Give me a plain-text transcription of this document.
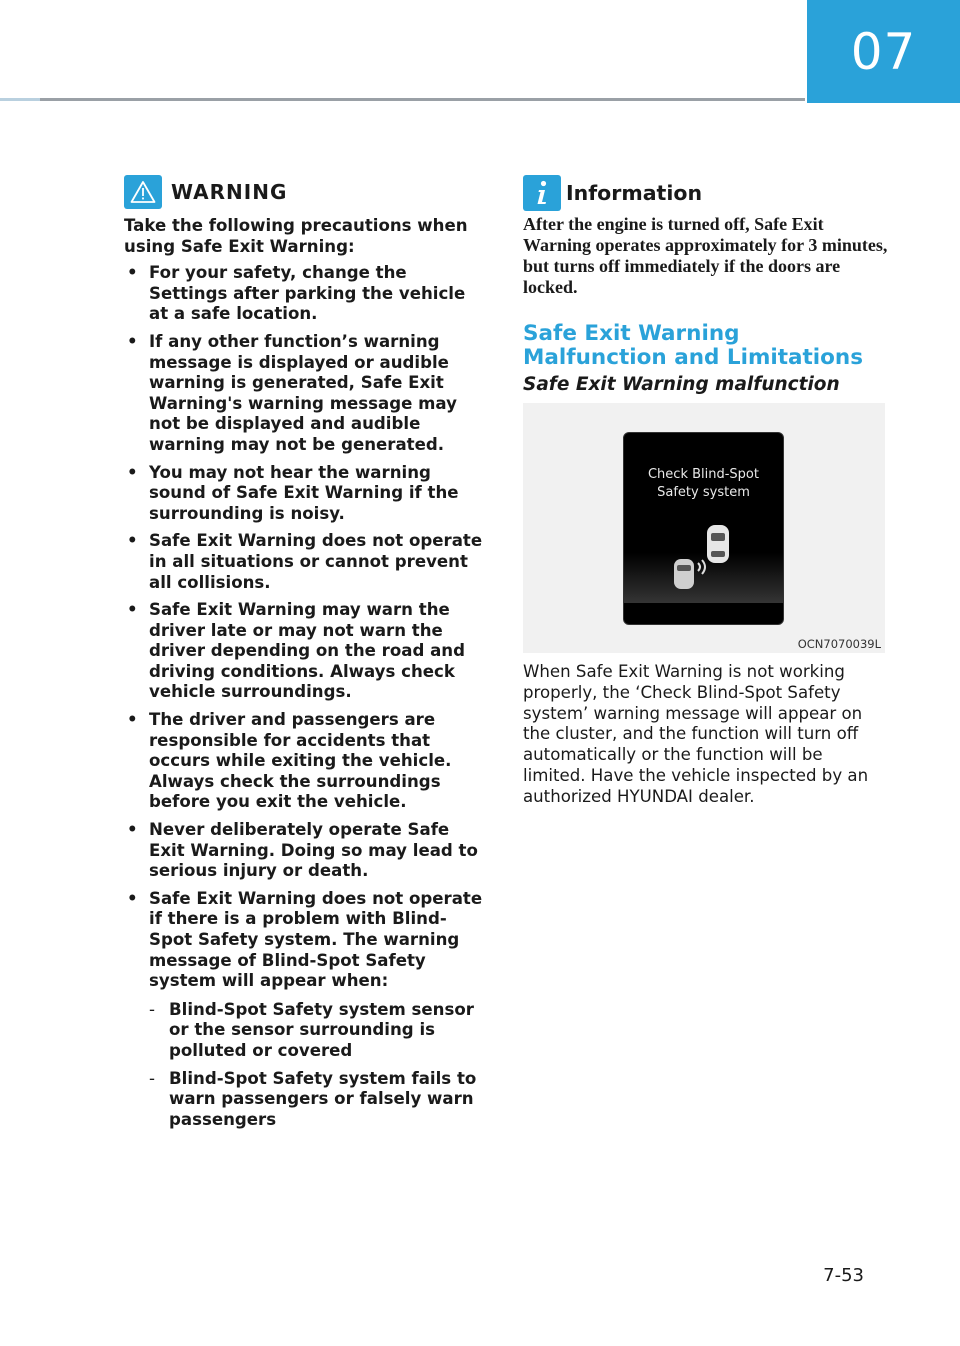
07
WARNING

Take the following precautions when using Safe Exit Warning:

• For your safety, change the Settings after parking the vehicle at a safe location.
• If any other function’s warning message is displayed or audible warning is generated, Safe Exit Warning's warning message may not be displayed and audible warning may not be generated.
• You may not hear the warning sound of Safe Exit Warning if the surrounding is noisy.
• Safe Exit Warning does not operate in all situations or cannot prevent all collisions.
• Safe Exit Warning may warn the driver late or may not warn the driver depending on the road and driving conditions. Always check vehicle surroundings.
• The driver and passengers are responsible for accidents that occurs while exiting the vehicle. Always check the surroundings before you exit the vehicle.
• Never deliberately operate Safe Exit Warning. Doing so may lead to serious injury or death.
• Safe Exit Warning does not operate if there is a problem with Blind-Spot Safety system. The warning message of Blind-Spot Safety system will appear when:
- Blind-Spot Safety system sensor or the sensor surrounding is polluted or covered
- Blind-Spot Safety system fails to warn passengers or falsely warn passengers
Information

After the engine is turned off, Safe Exit Warning operates approximately for 3 minutes, but turns off immediately if the doors are locked.

Safe Exit Warning Malfunction and Limitations
Safe Exit Warning malfunction
Check Blind-Spot
Safety system
OCN7070039L

When Safe Exit Warning is not working properly, the ‘Check Blind-Spot Safety system’ warning message will appear on the cluster, and the function will turn off automatically or the function will be limited. Have the vehicle inspected by an authorized HYUNDAI dealer.

7-53
